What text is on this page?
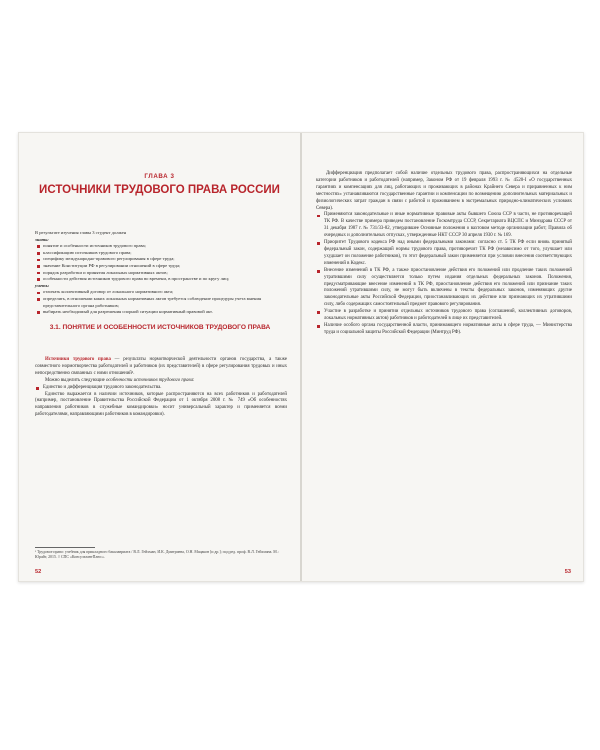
ГЛАВА 3
ИСТОЧНИКИ ТРУДОВОГО ПРАВА РОССИИ
В результате изучения главы 3 студент должен
знать:
понятие и особенности источников трудового права;
классификацию источников трудового права;
специфику международно-правового регулирования в сфере труда;
значение Конституции РФ в регулировании отношений в сфере труда;
порядок разработки и принятия локальных нормативных актов;
особенности действия источников трудового права во времени, в пространстве и по кругу лиц;
уметь:
отличать коллективный договор от локального нормативного акта;
определять, в отношении каких локальных нормативных актов требуется соблюдение процедуры учета мнения представительного органа работников;
выбирать необходимый для разрешения спорной ситуации нормативный правовой акт.
3.1. ПОНЯТИЕ И ОСОБЕННОСТИ ИСТОЧНИКОВ ТРУДОВОГО ПРАВА
Источники трудового права — результаты нормотворческой деятельности органов государства, а также совместного нормотворчества работодателей и работников (их представителей) в сфере регулирования трудовых и иных непосредственно связанных с ними отношений¹.
Можно выделить следующие особенности источников трудового права:
Единство и дифференциация трудового законодательства.
Единство выражается в наличии источников, которые распространяются на всех работников и работодателей (например, постановление Правительства Российской Федерации от 1 октября 2008 г. № 749 «Об особенностях направления работников в служебные командировки» носит универсальный характер и применяется всеми работодателями, направляющими работников в командировки).
¹ Трудовое право: учебник для прикладного бакалавриата / В.Л. Гейхман, И.К. Дмитриева, О.Н. Мацакон [и др.]; под ред. проф. В.Л. Гейхмана. М.: Юрайт, 2015. // СПС «КонсультантПлюс».
52

Дифференциация предполагает собой наличие отдельных трудового права, распространяющихся на отдельные категории работников и работодателей (например, Законом РФ от 19 февраля 1993 г. № 4520-I «О государственных гарантиях и компенсациях для лиц, работающих и проживающих в районах Крайнего Севера и приравненных к ним местностях» устанавливаются государственные гарантии и компенсации по возмещению дополнительных материальных и физиологических затрат граждан в связи с работой и проживанием в экстремальных природно-климатических условиях Севера).

Применяются законодательные и иные нормативные правовые акты бывшего Союза ССР в части, не противоречащей ТК РФ. В качестве примера приведем постановление Госкомтруда СССР, Секретариата ВЦСПС и Минздрава СССР от 31 декабря 1987 г. № 731/33-82, утвердившее Основные положения о вахтовом методе организации работ; Правила об очередных и дополнительных отпусках, утвержденные НКТ СССР 30 апреля 1930 г. № 169.
Приоритет Трудового кодекса РФ над иными федеральными законами: согласно ст. 5 ТК РФ если вновь принятый федеральный закон, содержащий нормы трудового права, противоречит ТК РФ (независимо от того, улучшает или ухудшает он положение работников), то этот федеральный закон применяется при условии внесения соответствующих изменений в Кодекс.
Внесение изменений в ТК РФ, а также приостановление действия его положений или продление таких положений утратившими силу осуществляется только путем издания отдельных федеральных законов. Положения, предусматривающие внесение изменений в ТК РФ, приостановление действия его положений или признание таких положений утратившими силу, не могут быть включены в тексты федеральных законов, изменяющих другие законодательные акты Российской Федерации, приостанавливающих их действие или признающих их утратившими силу, либо содержащих самостоятельный предмет правового регулирования.
Участие в разработке и принятии отдельных источников трудового права (соглашений, коллективных договоров, локальных нормативных актов) работников и работодателей в лице их представителей.
Наличие особого органа государственной власти, принимающего нормативные акты в сфере труда, — Министерства труда и социальной защиты Российской Федерации (Минтруд РФ).
53
